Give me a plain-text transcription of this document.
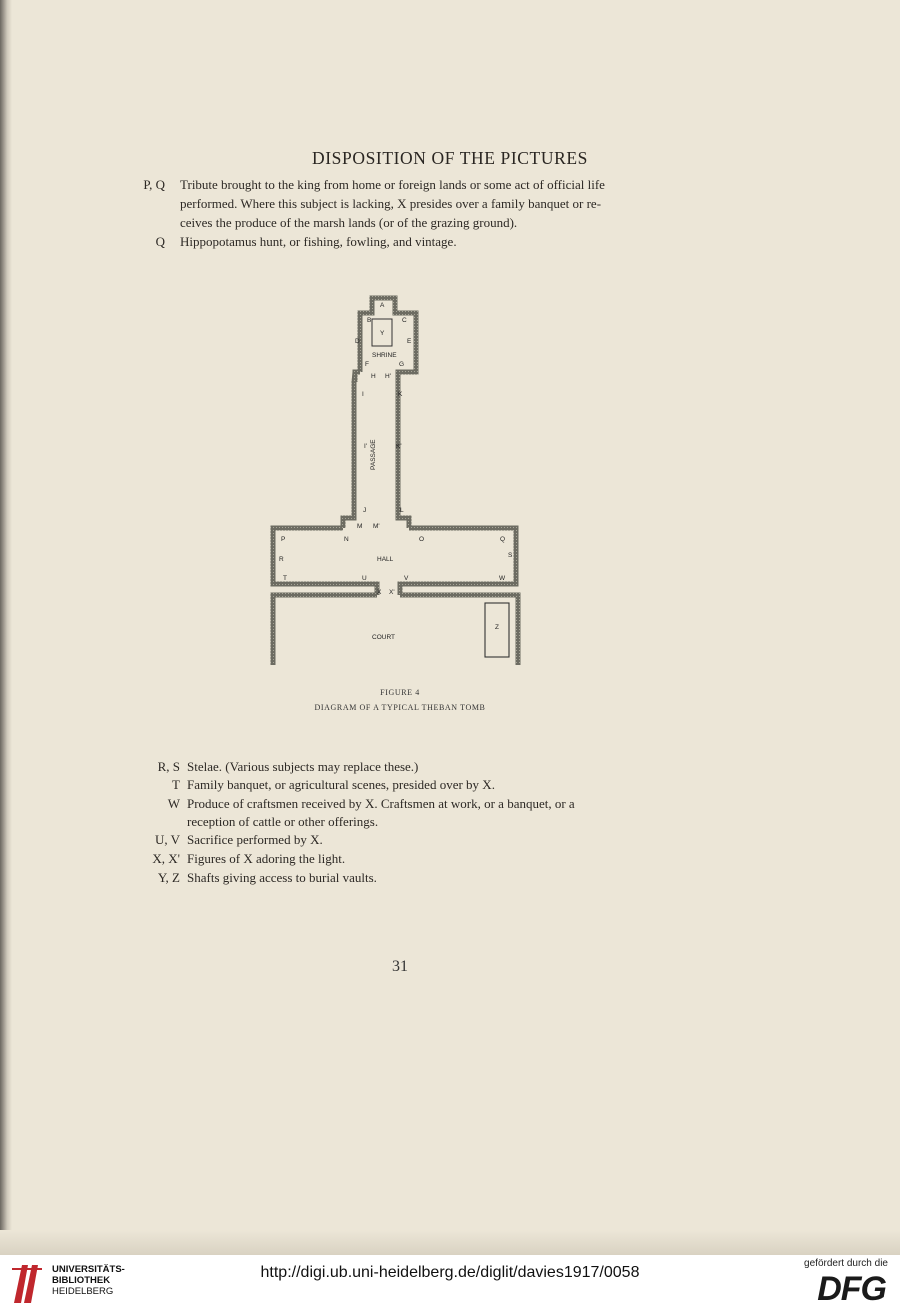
DISPOSITION OF THE PICTURES
P, Q Tribute brought to the king from home or foreign lands or some act of official life
performed. Where this subject is lacking, X presides over a family banquet or re-
ceives the produce of the marsh lands (or of the grazing ground).
Q Hippopotamus hunt, or fishing, fowling, and vintage.
A
B	C
D	E
Y
SHRINE
F	G
H H'
I	K
I'	K'
PASSAGE
J	L
M M'
P	N	O	Q
R
S
HALL
T	U	V	W
X X'
COURT
Z
FIGURE 4
DIAGRAM OF A TYPICAL THEBAN TOMB
R, S Stelae. (Various subjects may replace these.)
T Family banquet, or agricultural scenes, presided over by X.
W Produce of craftsmen received by X. Craftsmen at work, or a banquet, or a
reception of cattle or other offerings.
U, V Sacrifice performed by X.
X, X' Figures of X adoring the light.
Y, Z Shafts giving access to burial vaults.
31
UNIVERSITÄTS-
BIBLIOTHEK
HEIDELBERG
http://digi.ub.uni-heidelberg.de/diglit/davies1917/0058
gefördert durch die
DFG
